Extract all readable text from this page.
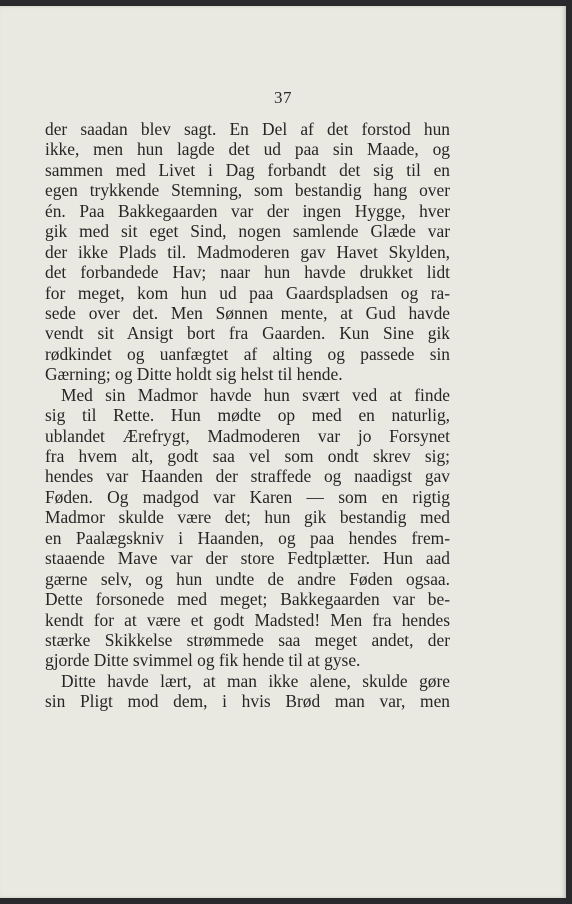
37
der saadan blev sagt. En Del af det forstod hun
ikke, men hun lagde det ud paa sin Maade, og
sammen med Livet i Dag forbandt det sig til en
egen trykkende Stemning, som bestandig hang over
én. Paa Bakkegaarden var der ingen Hygge, hver
gik med sit eget Sind, nogen samlende Glæde var
der ikke Plads til. Madmoderen gav Havet Skylden,
det forbandede Hav; naar hun havde drukket lidt
for meget, kom hun ud paa Gaardspladsen og ra-
sede over det. Men Sønnen mente, at Gud havde
vendt sit Ansigt bort fra Gaarden. Kun Sine gik
rødkindet og uanfægtet af alting og passede sin
Gærning; og Ditte holdt sig helst til hende.
Med sin Madmor havde hun svært ved at finde
sig til Rette. Hun mødte op med en naturlig,
ublandet Ærefrygt, Madmoderen var jo Forsynet
fra hvem alt, godt saa vel som ondt skrev sig;
hendes var Haanden der straffede og naadigst gav
Føden. Og madgod var Karen — som en rigtig
Madmor skulde være det; hun gik bestandig med
en Paalægskniv i Haanden, og paa hendes frem-
staaende Mave var der store Fedtplætter. Hun aad
gærne selv, og hun undte de andre Føden ogsaa.
Dette forsonede med meget; Bakkegaarden var be-
kendt for at være et godt Madsted! Men fra hendes
stærke Skikkelse strømmede saa meget andet, der
gjorde Ditte svimmel og fik hende til at gyse.
Ditte havde lært, at man ikke alene, skulde gøre
sin Pligt mod dem, i hvis Brød man var, men
